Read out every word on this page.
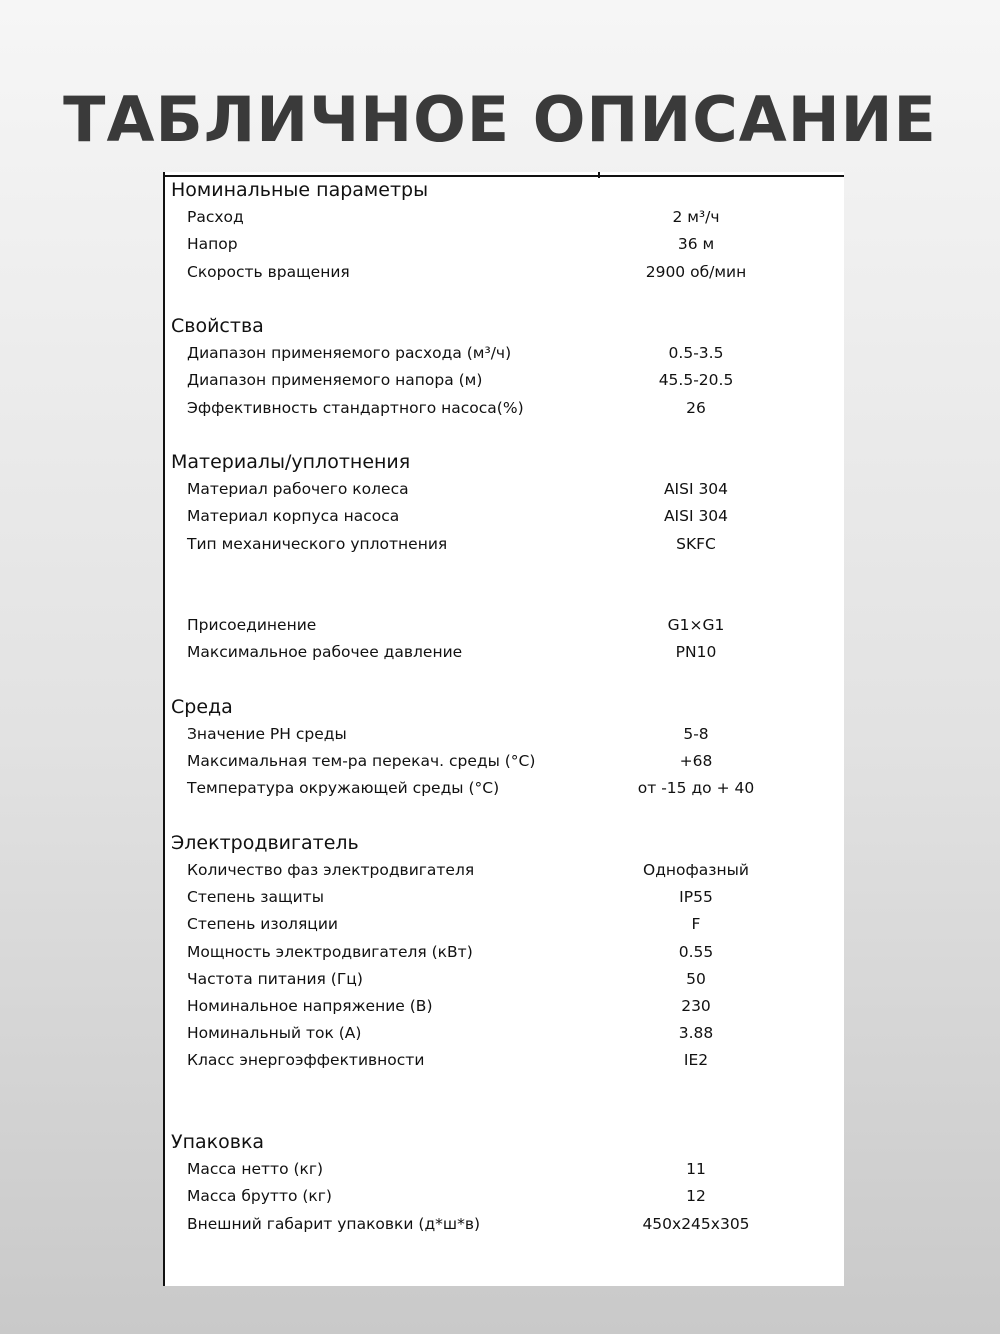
ТАБЛИЧНОЕ ОПИСАНИЕ
Номинальные параметры
Расход	2 м³/ч
Напор	36 м
Скорость вращения	2900 об/мин
Свойства
Диапазон применяемого расхода (м³/ч)	0.5-3.5
Диапазон применяемого напора (м)	45.5-20.5
Эффективность стандартного насоса(%)	26
Материалы/уплотнения
Материал рабочего колеса	AISI 304
Материал корпуса насоса	AISI 304
Тип механического уплотнения	SKFC
Присоединение	G1×G1
Максимальное рабочее давление	PN10
Среда
Значение PH среды	5-8
Максимальная тем-ра перекач. среды (°C)	+68
Температура окружающей среды (°C)	от -15 до + 40
Электродвигатель
Количество фаз электродвигателя	Однофазный
Степень защиты	IP55
Степень изоляции	F
Мощность электродвигателя (кВт)	0.55
Частота питания (Гц)	50
Номинальное напряжение (В)	230
Номинальный ток (А)	3.88
Класс энергоэффективности	IE2
Упаковка
Масса нетто (кг)	11
Масса брутто (кг)	12
Внешний габарит упаковки (д*ш*в)	450x245x305
